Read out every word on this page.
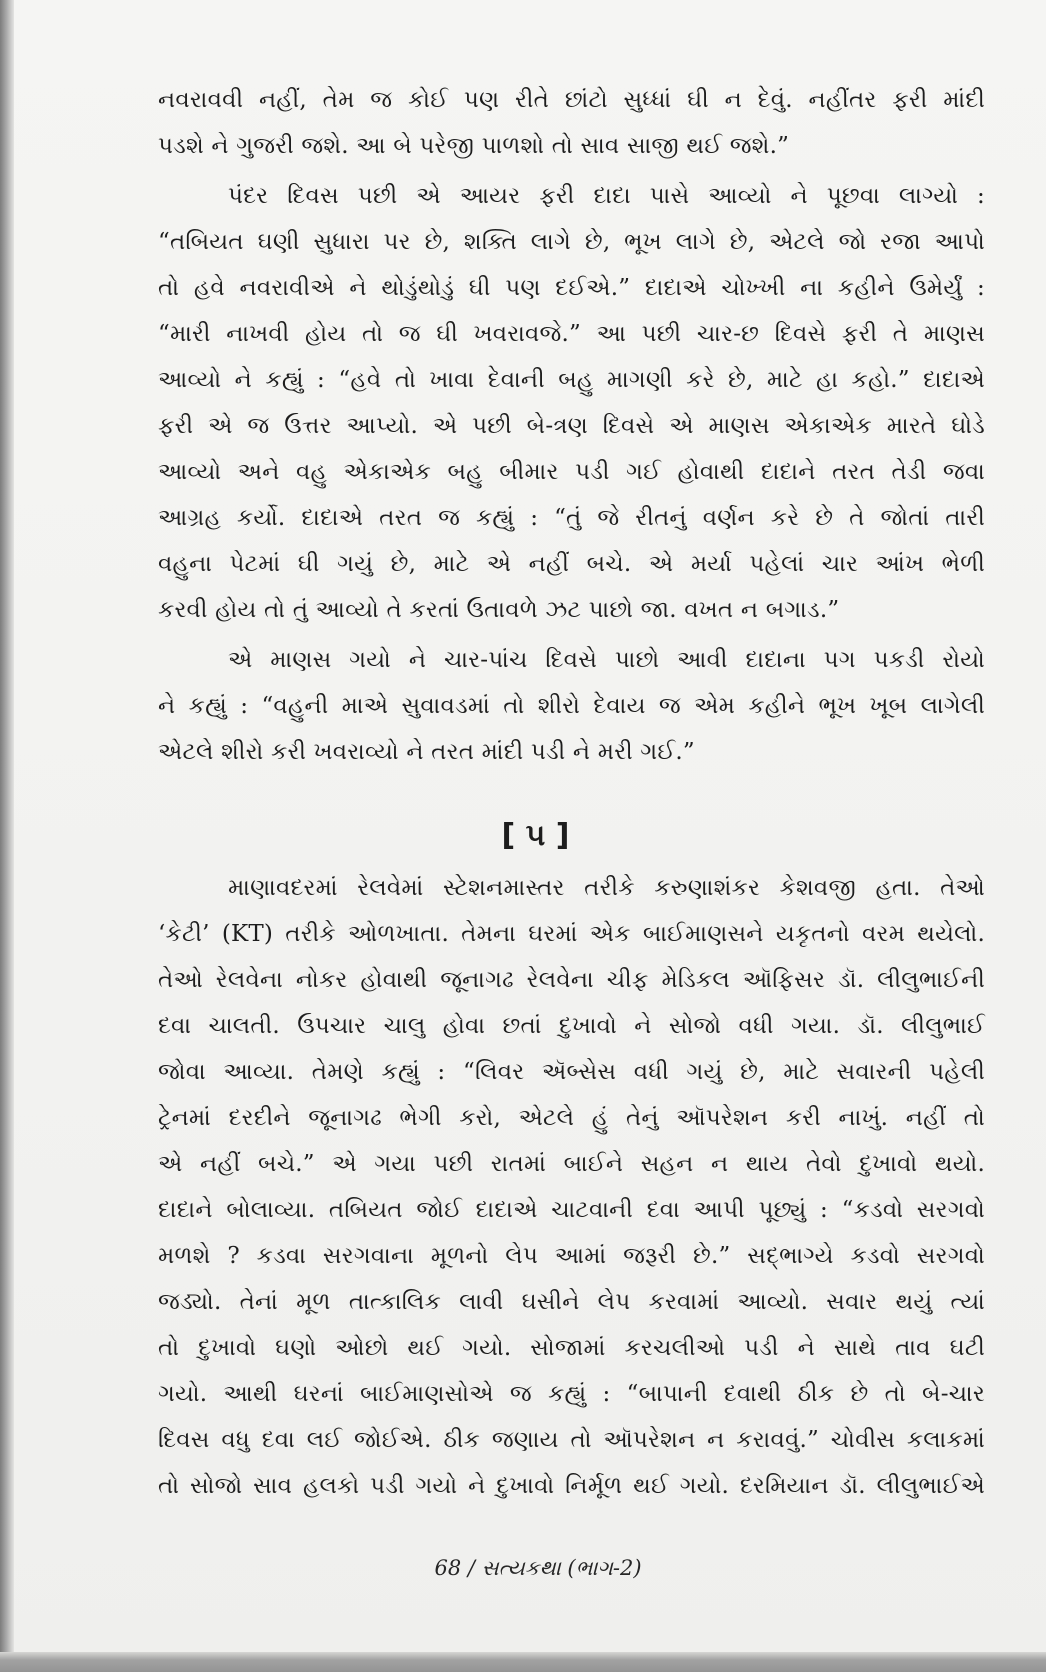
નવરાવવી નહીં, તેમ જ કોઈ પણ રીતે છાંટો સુધ્ધાં ઘી ન દેવું. નહીંતર ફરી માંદી
પડશે ને ગુજરી જશે. આ બે પરેજી પાળશો તો સાવ સાજી થઈ જશે.”
પંદર દિવસ પછી એ આયર ફરી દાદા પાસે આવ્યો ને પૂછવા લાગ્યો :
“તબિયત ઘણી સુધારા પર છે, શક્તિ લાગે છે, ભૂખ લાગે છે, એટલે જો રજા આપો
તો હવે નવરાવીએ ને થોડુંથોડું ઘી પણ દઈએ.” દાદાએ ચોખ્ખી ના કહીને ઉમેર્યું :
“મારી નાખવી હોય તો જ ઘી ખવરાવજે.” આ પછી ચાર-છ દિવસે ફરી તે માણસ
આવ્યો ને કહ્યું : “હવે તો ખાવા દેવાની બહુ માગણી કરે છે, માટે હા કહો.” દાદાએ
ફરી એ જ ઉત્તર આપ્યો. એ પછી બે-ત્રણ દિવસે એ માણસ એકાએક મારતે ઘોડે
આવ્યો અને વહુ એકાએક બહુ બીમાર પડી ગઈ હોવાથી દાદાને તરત તેડી જવા
આગ્રહ કર્યો. દાદાએ તરત જ કહ્યું : “તું જે રીતનું વર્ણન કરે છે તે જોતાં તારી
વહુના પેટમાં ઘી ગયું છે, માટે એ નહીં બચે. એ મર્યા પહેલાં ચાર આંખ ભેળી
કરવી હોય તો તું આવ્યો તે કરતાં ઉતાવળે ઝટ પાછો જા. વખત ન બગાડ.”
એ માણસ ગયો ને ચાર-પાંચ દિવસે પાછો આવી દાદાના પગ પકડી રોયો
ને કહ્યું : “વહુની માએ સુવાવડમાં તો શીરો દેવાય જ એમ કહીને ભૂખ ખૂબ લાગેલી
એટલે શીરો કરી ખવરાવ્યો ને તરત માંદી પડી ને મરી ગઈ.”
[ ૫ ]
માણાવદરમાં રેલવેમાં સ્ટેશનમાસ્તર તરીકે કરુણાશંકર કેશવજી હતા. તેઓ
‘કેટી’ (KT) તરીકે ઓળખાતા. તેમના ઘરમાં એક બાઈમાણસને યકૃતનો વરમ થયેલો.
તેઓ રેલવેના નોકર હોવાથી જૂનાગઢ રેલવેના ચીફ મેડિકલ ઑફિસર ડૉ. લીલુભાઈની
દવા ચાલતી. ઉપચાર ચાલુ હોવા છતાં દુખાવો ને સોજો વધી ગયા. ડૉ. લીલુભાઈ
જોવા આવ્યા. તેમણે કહ્યું : “લિવર ઍબ્સેસ વધી ગયું છે, માટે સવારની પહેલી
ટ્રેનમાં દરદીને જૂનાગઢ ભેગી કરો, એટલે હું તેનું ઑપરેશન કરી નાખું. નહીં તો
એ નહીં બચે.” એ ગયા પછી રાતમાં બાઈને સહન ન થાય તેવો દુખાવો થયો.
દાદાને બોલાવ્યા. તબિયત જોઈ દાદાએ ચાટવાની દવા આપી પૂછ્યું : “કડવો સરગવો
મળશે ? કડવા સરગવાના મૂળનો લેપ આમાં જરૂરી છે.” સદ્ભાગ્યે કડવો સરગવો
જડ્યો. તેનાં મૂળ તાત્કાલિક લાવી ઘસીને લેપ કરવામાં આવ્યો. સવાર થયું ત્યાં
તો દુખાવો ઘણો ઓછો થઈ ગયો. સોજામાં કરચલીઓ પડી ને સાથે તાવ ઘટી
ગયો. આથી ઘરનાં બાઈમાણસોએ જ કહ્યું : “બાપાની દવાથી ઠીક છે તો બે-ચાર
દિવસ વધુ દવા લઈ જોઈએ. ઠીક જણાય તો ઑપરેશન ન કરાવવું.” ચોવીસ કલાકમાં
તો સોજો સાવ હલકો પડી ગયો ને દુખાવો નિર્મૂળ થઈ ગયો. દરમિયાન ડૉ. લીલુભાઈએ
68 / સત્યકથા (ભાગ-2)
